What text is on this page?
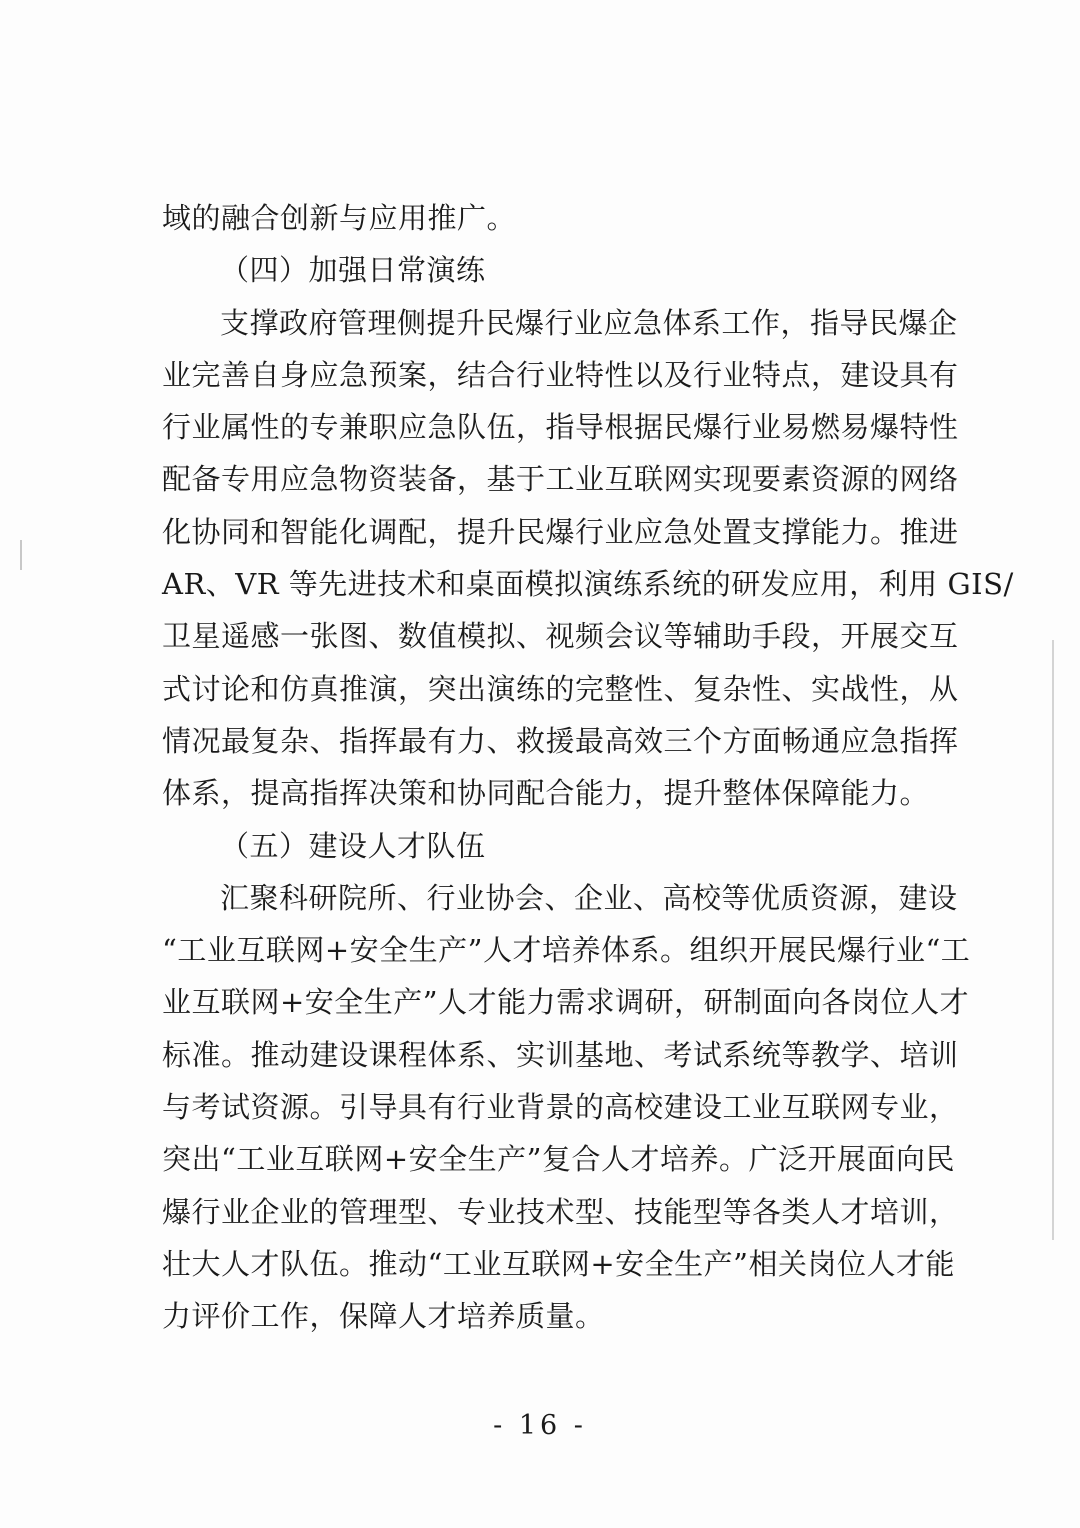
域的融合创新与应用推广。
（四）加强日常演练
支撑政府管理侧提升民爆行业应急体系工作，指导民爆企
业完善自身应急预案，结合行业特性以及行业特点，建设具有
行业属性的专兼职应急队伍，指导根据民爆行业易燃易爆特性
配备专用应急物资装备，基于工业互联网实现要素资源的网络
化协同和智能化调配，提升民爆行业应急处置支撑能力。推进
AR、VR 等先进技术和桌面模拟演练系统的研发应用，利用 GIS/
卫星遥感一张图、数值模拟、视频会议等辅助手段，开展交互
式讨论和仿真推演，突出演练的完整性、复杂性、实战性，从
情况最复杂、指挥最有力、救援最高效三个方面畅通应急指挥
体系，提高指挥决策和协同配合能力，提升整体保障能力。
（五）建设人才队伍
汇聚科研院所、行业协会、企业、高校等优质资源，建设
“工业互联网+安全生产”人才培养体系。组织开展民爆行业“工
业互联网+安全生产”人才能力需求调研，研制面向各岗位人才
标准。推动建设课程体系、实训基地、考试系统等教学、培训
与考试资源。引导具有行业背景的高校建设工业互联网专业，
突出“工业互联网+安全生产”复合人才培养。广泛开展面向民
爆行业企业的管理型、专业技术型、技能型等各类人才培训，
壮大人才队伍。推动“工业互联网+安全生产”相关岗位人才能
力评价工作，保障人才培养质量。
- 16 -
